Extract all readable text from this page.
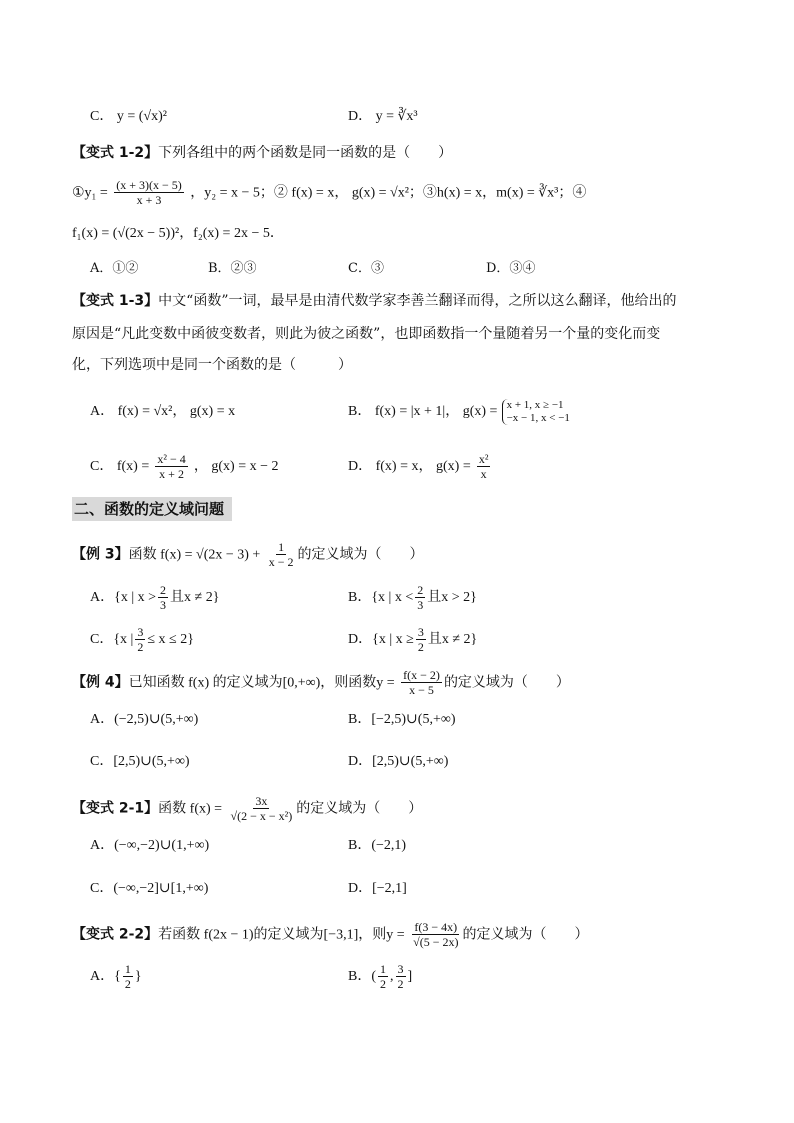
C． y = (√x)²	D． y = ∛x³
【变式 1-2】下列各组中的两个函数是同一函数的是（　　）
①y₁ = $\frac{(x + 3)(x - 5)}{x + 3}$ ，y₂ = x − 5；② f(x) = x， g(x) = √x²；③h(x) = x，m(x) = ∛x³；④
f₁(x) = (√(2x − 5))²，f₂(x) = 2x − 5．
A．①②	B．②③	C．③	D．③④
【变式 1-3】中文“函数”一词，最早是由清代数学家李善兰翻译而得，之所以这么翻译，他给出的
原因是“凡此变数中函彼变数者，则此为彼之函数”，也即函数指一个量随着另一个量的变化而变
化，下列选项中是同一个函数的是（　　　）
A． f(x) = √x²， g(x) = x	B． f(x) = |x + 1|， g(x) = x + 1, x ≥ −1
−x − 1, x < −1
C． $f(x) = \frac{\text{x² − 4}}{x + 2}$ ， g(x) = x − 2	D． f(x) = x， $g(x) = \frac{\text{x²}}{x}$
二、函数的定义域问题
【例 3】函数 $f(x) = √(2x - 3) + \frac{1}{x - 2}$ 的定义域为（　　）
A．{x | $x > \frac{2}{3}$ 且x ≠ 2}	B．{x | $x < \frac{2}{3}$ 且x > 2}
C．{x | $\frac{3}{2} \le x \le 2$}	D．{x | $x \ge \frac{3}{2}$ 且x ≠ 2}
【例 4】已知函数 f(x) 的定义域为[0,+∞)，则函数$y = \frac{f(x - 2)}{x - 5}$ 的定义域为（　　）
A．(−2,5)∪(5,+∞)	B．[−2,5)∪(5,+∞)
C．[2,5)∪(5,+∞)	D．[2,5)∪(5,+∞)
【变式 2-1】函数 $f(x) = \frac{3x}{\text{√(2 − x − x²)}}$ 的定义域为（　　）
A．(−∞,−2)∪(1,+∞)	B．(−2,1)
C．(−∞,−2]∪[1,+∞)	D．[−2,1]
【变式 2-2】若函数 f(2x − 1)的定义域为[−3,1]，则$y = \frac{f(3 - 4x)}{√(5 - 2x)}$ 的定义域为（　　）
A．{ $\frac{1}{2}$ }	B．( $\frac{1}{2}$ , $\frac{3}{2}$ ]
